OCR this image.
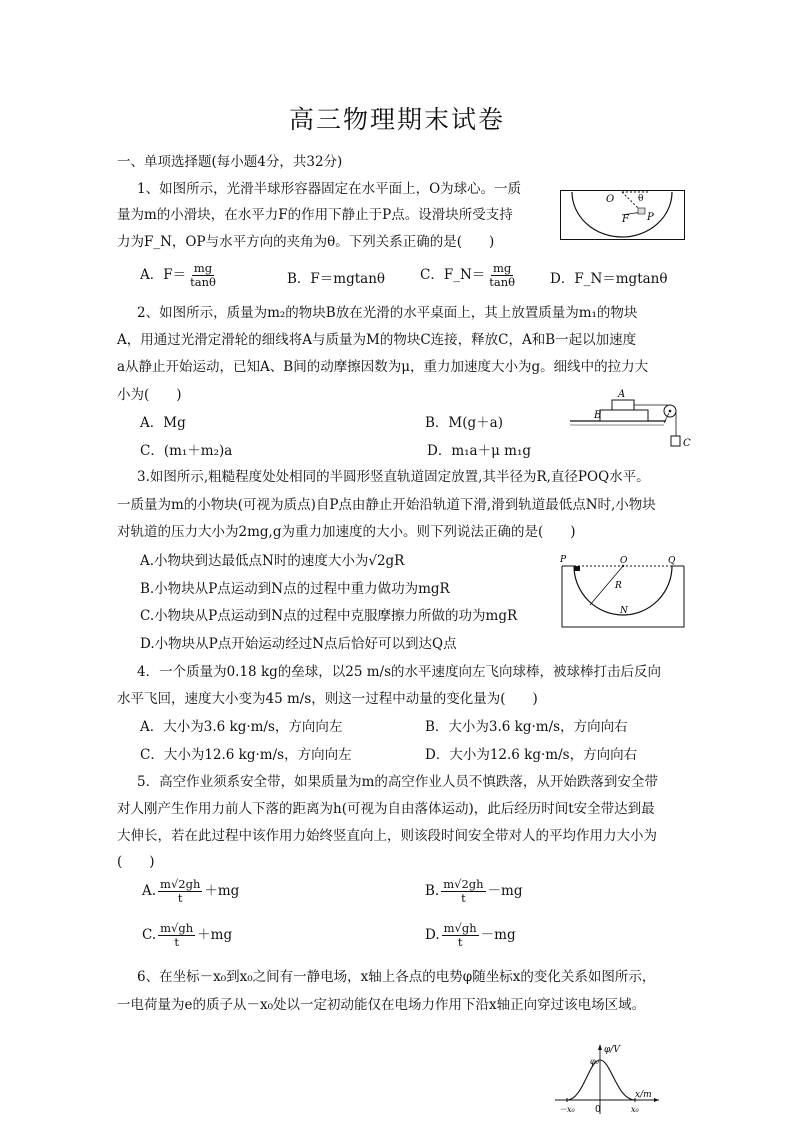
高三物理期末试卷
一、单项选择题(每小题4分，共32分)
1、如图所示，光滑半球形容器固定在水平面上，O为球心。一质
量为m的小滑块，在水平力F的作用下静止于P点。设滑块所受支持
力为F_N，OP与水平方向的夹角为θ。下列关系正确的是(　　)
A．$F= \frac{mg}{\tan\theta}$	B．F＝mgtanθ	C．F_N＝ $\frac{mg}{\tan\theta}$ D．F_N＝mgtanθ
O	θ
F P
2、如图所示，质量为m₂的物块B放在光滑的水平桌面上，其上放置质量为m₁的物块
A，用通过光滑定滑轮的细线将A与质量为M的物块C连接，释放C，A和B一起以加速度
a从静止开始运动，已知A、B间的动摩擦因数为μ，重力加速度大小为g。细线中的拉力大
小为(　　)
A．Mg	B．M(g＋a)
C．(m₁＋m₂)a	D．m₁a＋μ m₁g
A
B
C
3.如图所示,粗糙程度处处相同的半圆形竖直轨道固定放置,其半径为R,直径POQ水平。
一质量为m的小物块(可视为质点)自P点由静止开始沿轨道下滑,滑到轨道最低点N时,小物块
对轨道的压力大小为2mg,g为重力加速度的大小。则下列说法正确的是(　　)
A.小物块到达最低点N时的速度大小为√2gR
B.小物块从P点运动到N点的过程中重力做功为mgR
C.小物块从P点运动到N点的过程中克服摩擦力所做的功为mgR
D.小物块从P点开始运动经过N点后恰好可以到达Q点
P	O	Q
R
N
4．一个质量为0.18 kg的垒球，以25 m/s的水平速度向左飞向球棒，被球棒打击后反向
水平飞回，速度大小变为45 m/s，则这一过程中动量的变化量为(　　)
A．大小为3.6 kg·m/s，方向向左	B．大小为3.6 kg·m/s，方向向右
C．大小为12.6 kg·m/s，方向向左	D．大小为12.6 kg·m/s，方向向右
5．高空作业须系安全带，如果质量为m的高空作业人员不慎跌落，从开始跌落到安全带
对人刚产生作用力前人下落的距离为h(可视为自由落体运动)，此后经历时间t安全带达到最
大伸长，若在此过程中该作用力始终竖直向上，则该段时间安全带对人的平均作用力大小为
(　　)
A. $\frac{m√2gh}{t} +mg$	B. $\frac{m√2gh}{t} -mg$
C. $\frac{m√gh}{t} +mg$	D. $\frac{m√gh}{t} -mg$
6、在坐标－x₀到x₀之间有一静电场，x轴上各点的电势φ随坐标x的变化关系如图所示，
一电荷量为e的质子从－x₀处以一定初动能仅在电场力作用下沿x轴正向穿过该电场区域。
φ/V
φ₀
x/m
－x₀ 0	x₀
